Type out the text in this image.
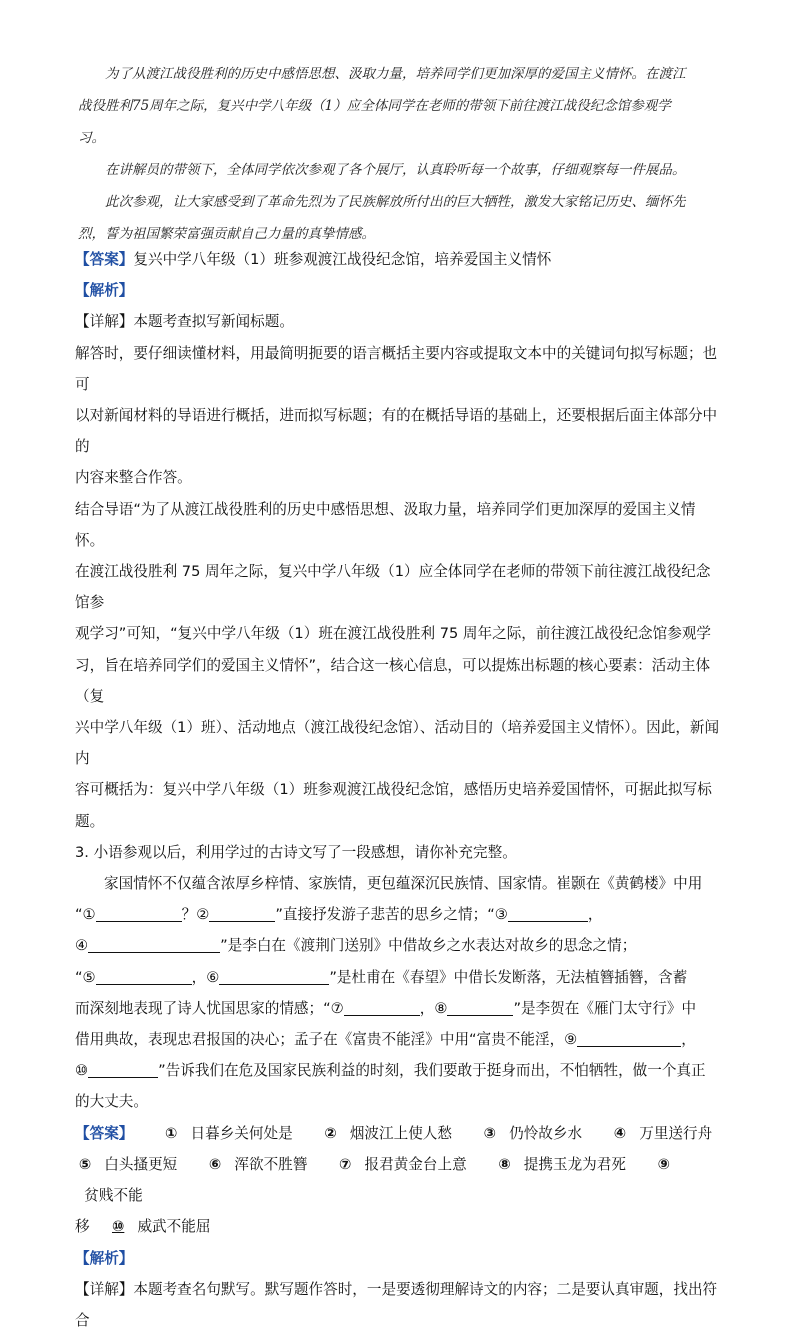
为了从渡江战役胜利的历史中感悟思想、汲取力量，培养同学们更加深厚的爱国主义情怀。在渡江

战役胜利75周年之际，复兴中学八年级（1）应全体同学在老师的带领下前往渡江战役纪念馆参观学

习。

在讲解员的带领下，全体同学依次参观了各个展厅，认真聆听每一个故事，仔细观察每一件展品。

此次参观，让大家感受到了革命先烈为了民族解放所付出的巨大牺牲，激发大家铭记历史、缅怀先

烈，誓为祖国繁荣富强贡献自己力量的真挚情感。

【答案】复兴中学八年级（1）班参观渡江战役纪念馆，培养爱国主义情怀

【解析】

【详解】本题考查拟写新闻标题。

解答时，要仔细读懂材料，用最简明扼要的语言概括主要内容或提取文本中的关键词句拟写标题；也可

以对新闻材料的导语进行概括，进而拟写标题；有的在概括导语的基础上，还要根据后面主体部分中的

内容来整合作答。

结合导语“为了从渡江战役胜利的历史中感悟思想、汲取力量，培养同学们更加深厚的爱国主义情怀。

在渡江战役胜利 75 周年之际，复兴中学八年级（1）应全体同学在老师的带领下前往渡江战役纪念馆参

观学习”可知，“复兴中学八年级（1）班在渡江战役胜利 75 周年之际，前往渡江战役纪念馆参观学

习，旨在培养同学们的爱国主义情怀”，结合这一核心信息，可以提炼出标题的核心要素：活动主体（复

兴中学八年级（1）班）、活动地点（渡江战役纪念馆）、活动目的（培养爱国主义情怀）。因此，新闻内

容可概括为：复兴中学八年级（1）班参观渡江战役纪念馆，感悟历史培养爱国情怀，可据此拟写标题。

3. 小语参观以后，利用学过的古诗文写了一段感想，请你补充完整。

家国情怀不仅蕴含浓厚乡梓情、家族情，更包蕴深沉民族情、国家情。崔颢在《黄鹤楼》中用

“①	？②	”直接抒发游子悲苦的思乡之情；“③	，

④	”是李白在《渡荆门送别》中借故乡之水表达对故乡的思念之情；

“⑤	，⑥	”是杜甫在《春望》中借长发断落，无法植簪插簪，含蓄

而深刻地表现了诗人忧国思家的情感；“⑦	，⑧	”是李贺在《雁门太守行》中

借用典故，表现忠君报国的决心；孟子在《富贵不能淫》中用“富贵不能淫，⑨	，

⑩	”告诉我们在危及国家民族利益的时刻，我们要敢于挺身而出，不怕牺牲，做一个真正

的大丈夫。

【答案】 ① 日暮乡关何处是 ② 烟波江上使人愁 ③ 仍怜故乡水 ④ 万里送行舟

⑤ 白头搔更短 ⑥ 浑欲不胜簪 ⑦ 报君黄金台上意 ⑧ 提携玉龙为君死 ⑨  贫贱不能

移 ⑩ 威武不能屈

【解析】

【详解】本题考查名句默写。默写题作答时，一是要透彻理解诗文的内容；二是要认真审题，找出符合
